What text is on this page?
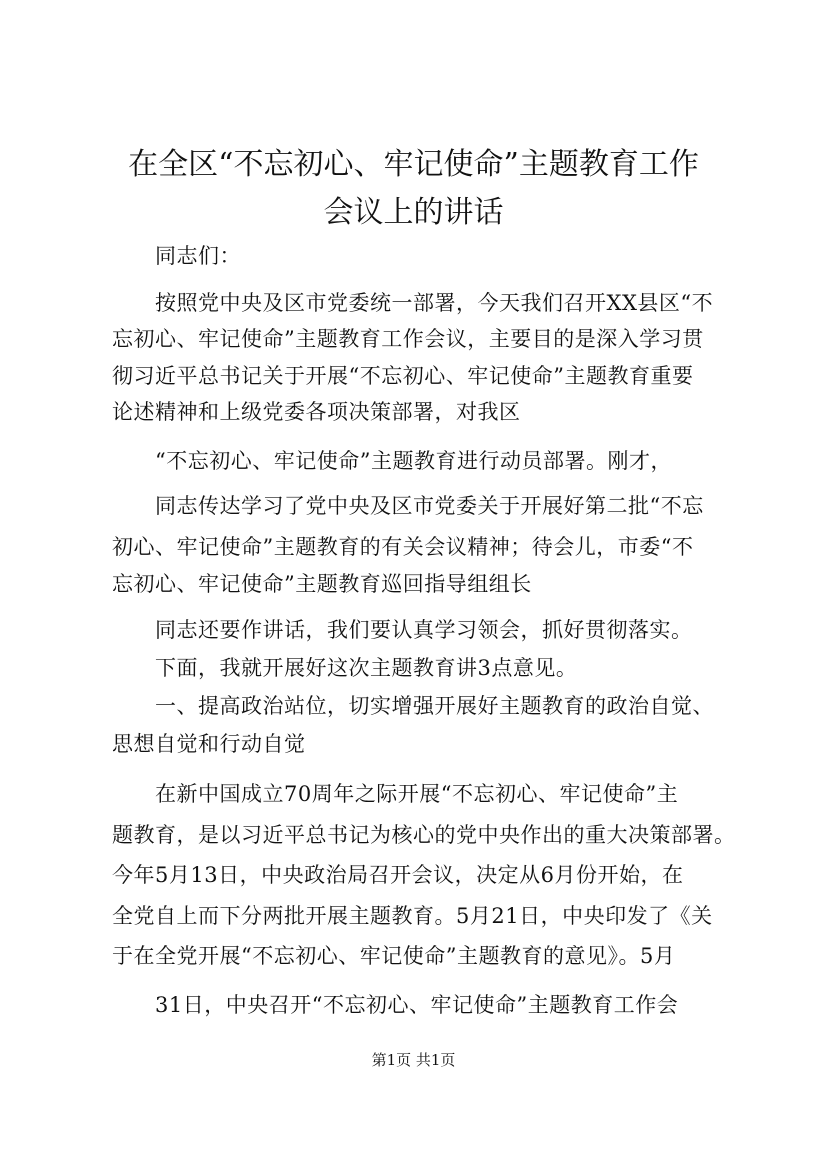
在全区“不忘初心、牢记使命”主题教育工作
会议上的讲话
同志们：
按照党中央及区市党委统一部署，今天我们召开XX县区“不
忘初心、牢记使命”主题教育工作会议，主要目的是深入学习贯
彻习近平总书记关于开展“不忘初心、牢记使命”主题教育重要
论述精神和上级党委各项决策部署，对我区
“不忘初心、牢记使命”主题教育进行动员部署。刚才，
同志传达学习了党中央及区市党委关于开展好第二批“不忘
初心、牢记使命”主题教育的有关会议精神；待会儿，市委“不
忘初心、牢记使命”主题教育巡回指导组组长
同志还要作讲话，我们要认真学习领会，抓好贯彻落实。
下面，我就开展好这次主题教育讲3点意见。
一、提高政治站位，切实增强开展好主题教育的政治自觉、
思想自觉和行动自觉
在新中国成立70周年之际开展“不忘初心、牢记使命”主
题教育，是以习近平总书记为核心的党中央作出的重大决策部署。
今年5月13日，中央政治局召开会议，决定从6月份开始，在
全党自上而下分两批开展主题教育。5月21日，中央印发了《关
于在全党开展“不忘初心、牢记使命”主题教育的意见》。5月
31日，中央召开“不忘初心、牢记使命”主题教育工作会
第1页 共1页
